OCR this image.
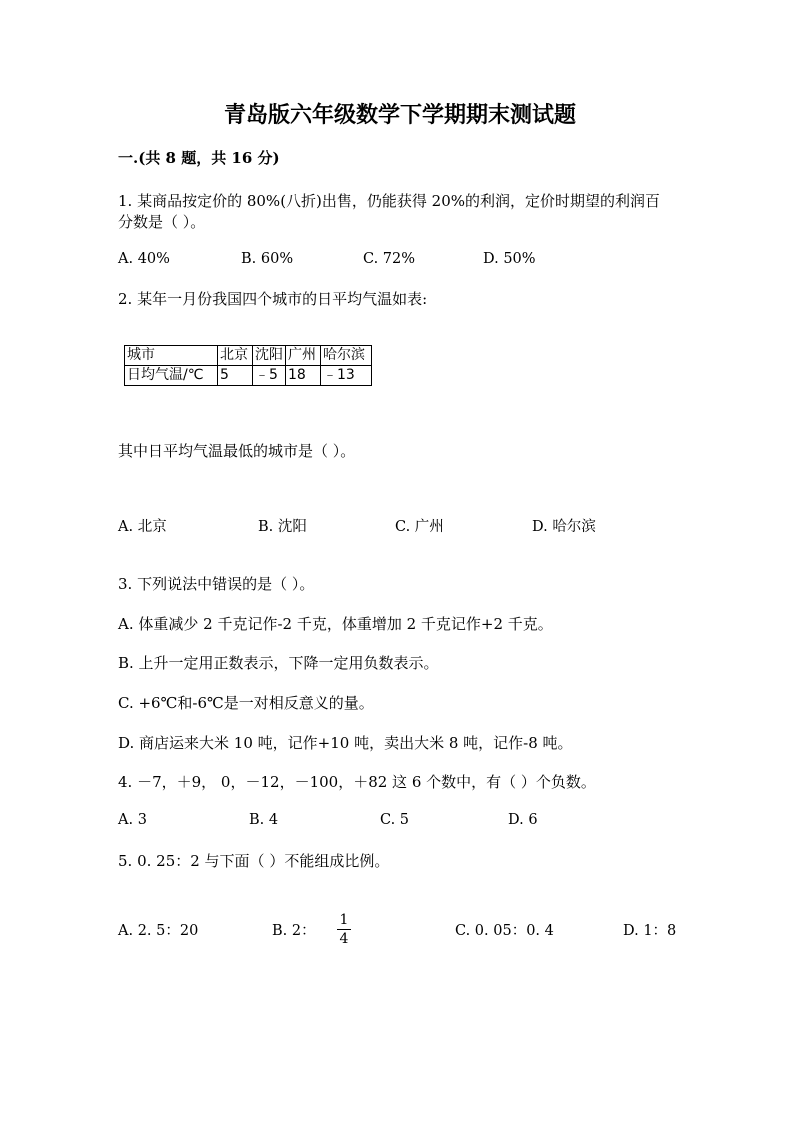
青岛版六年级数学下学期期末测试题
一.(共 8 题，共 16 分)
1. 某商品按定价的 80%(八折)出售，仍能获得 20%的利润，定价时期望的利润百
分数是（ ）。
A. 40%	B. 60%	C. 72%	D. 50%
2. 某年一月份我国四个城市的日平均气温如表:
城市	北京	沈阳	广州	哈尔滨
日均气温/℃	5	﹣5	18	﹣13
其中日平均气温最低的城市是（ ）。
A. 北京	B. 沈阳	C. 广州	D. 哈尔滨
3. 下列说法中错误的是（ ）。
A. 体重减少 2 千克记作-2 千克，体重增加 2 千克记作+2 千克。
B. 上升一定用正数表示，下降一定用负数表示。
C. +6℃和-6℃是一对相反意义的量。
D. 商店运来大米 10 吨，记作+10 吨，卖出大米 8 吨，记作-8 吨。
4. －7，＋9， 0，－12，－100，＋82 这 6 个数中，有（ ）个负数。
A. 3	B. 4	C. 5	D. 6
5. 0. 25：2 与下面（ ）不能组成比例。
A. 2. 5：20	B. 2：
1
4	C. 0. 05：0. 4	D. 1：8
